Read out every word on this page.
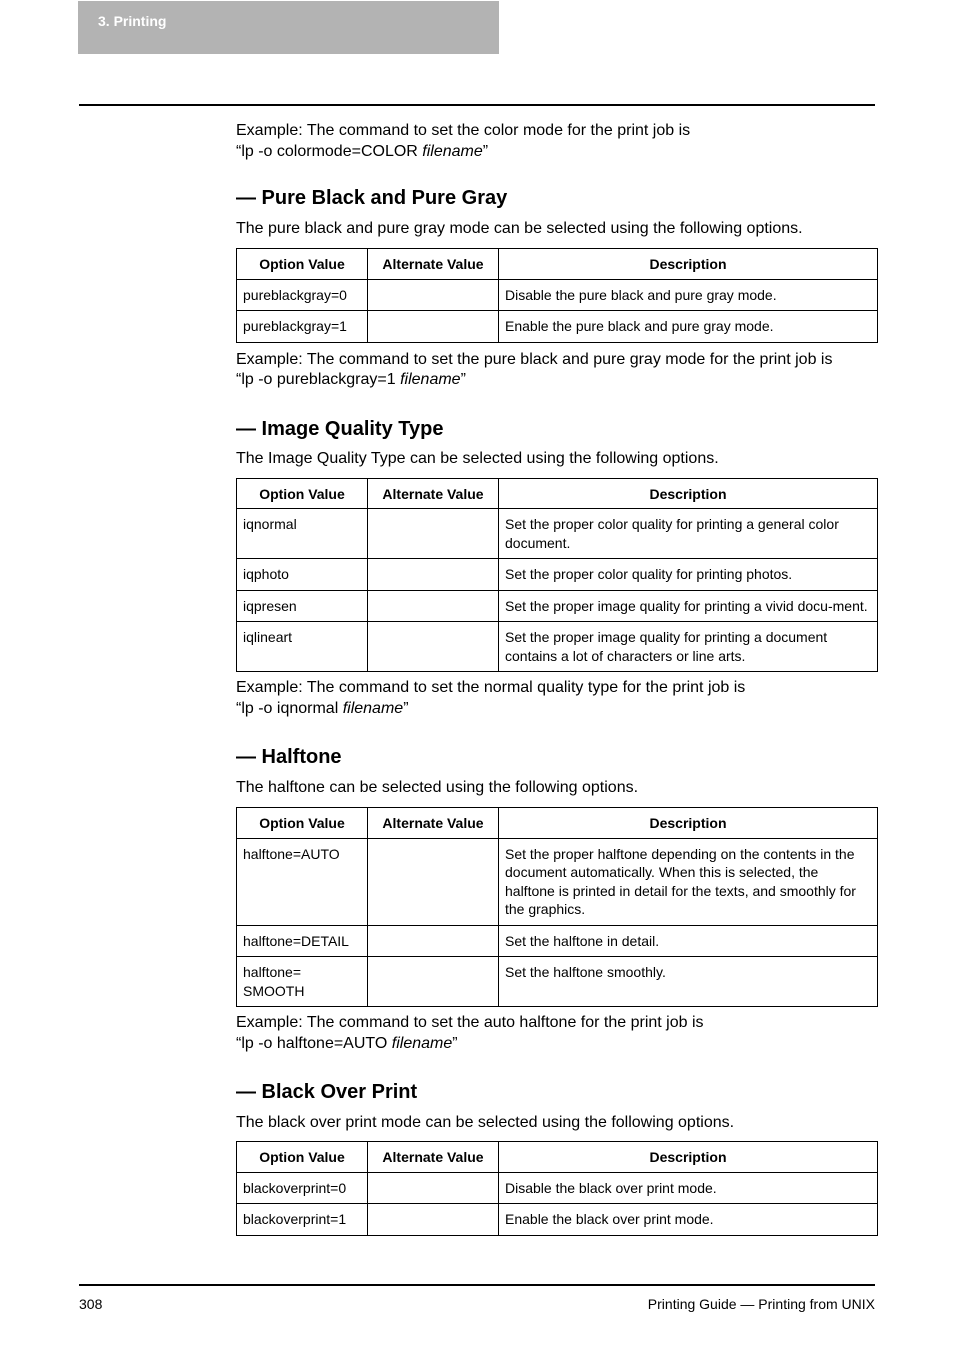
3. Printing

Example: The command to set the color mode for the print job is
“lp -o colormode=COLOR filename”

— Pure Black and Pure Gray

The pure black and pure gray mode can be selected using the following options.

Option Value	Alternate Value	Description
pureblackgray=0		Disable the pure black and pure gray mode.
pureblackgray=1		Enable the pure black and pure gray mode.

Example: The command to set the pure black and pure gray mode for the print job is
“lp -o pureblackgray=1 filename”

— Image Quality Type

The Image Quality Type can be selected using the following options.

Option Value	Alternate Value	Description
iqnormal		Set the proper color quality for printing a general color document.
iqphoto		Set the proper color quality for printing photos.
iqpresen		Set the proper image quality for printing a vivid docu-ment.
iqlineart		Set the proper image quality for printing a document contains a lot of characters or line arts.

Example: The command to set the normal quality type for the print job is
“lp -o iqnormal filename”

— Halftone

The halftone can be selected using the following options.

Option Value	Alternate Value	Description
halftone=AUTO		Set the proper halftone depending on the contents in the document automatically. When this is selected, the halftone is printed in detail for the texts, and smoothly for the graphics.
halftone=DETAIL		Set the halftone in detail.

halftone= SMOOTH		Set the halftone smoothly.

Example: The command to set the auto halftone for the print job is
“lp -o halftone=AUTO filename”

— Black Over Print

The black over print mode can be selected using the following options.

Option Value	Alternate Value	Description
blackoverprint=0		Disable the black over print mode.
blackoverprint=1		Enable the black over print mode.
308	Printing Guide — Printing from UNIX
